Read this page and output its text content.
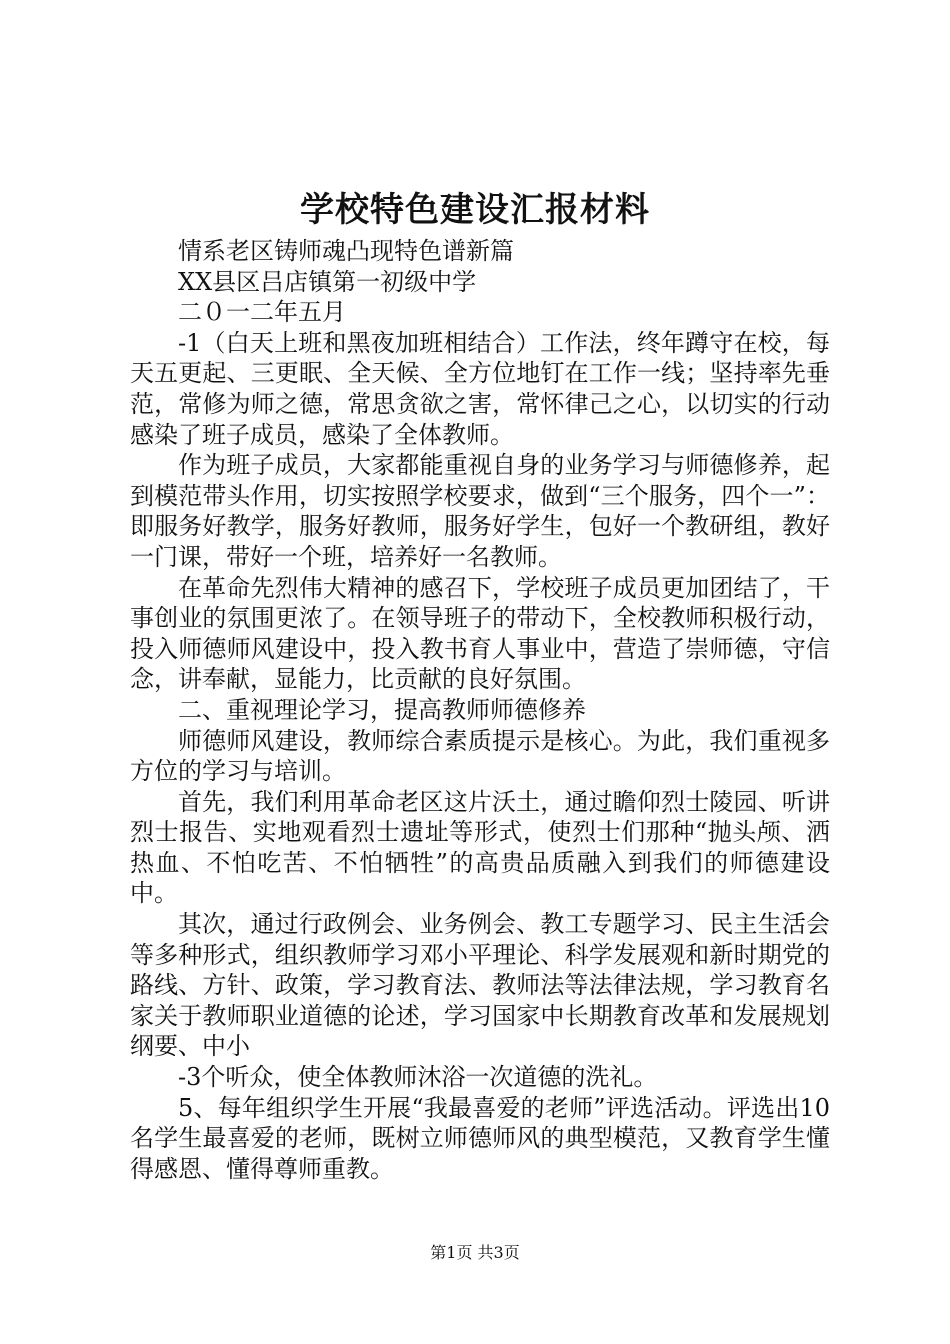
学校特色建设汇报材料

情系老区铸师魂凸现特色谱新篇

XX县区吕店镇第一初级中学

二０一二年五月

-1（白天上班和黑夜加班相结合）工作法，终年蹲守在校，每天五更起、三更眠、全天候、全方位地钉在工作一线；坚持率先垂范，常修为师之德，常思贪欲之害，常怀律己之心，以切实的行动感染了班子成员，感染了全体教师。

作为班子成员，大家都能重视自身的业务学习与师德修养，起到模范带头作用，切实按照学校要求，做到“三个服务，四个一”：即服务好教学，服务好教师，服务好学生，包好一个教研组，教好一门课，带好一个班，培养好一名教师。

在革命先烈伟大精神的感召下，学校班子成员更加团结了，干事创业的氛围更浓了。在领导班子的带动下，全校教师积极行动，投入师德师风建设中，投入教书育人事业中，营造了崇师德，守信念，讲奉献，显能力，比贡献的良好氛围。

二、重视理论学习，提高教师师德修养

师德师风建设，教师综合素质提示是核心。为此，我们重视多方位的学习与培训。

首先，我们利用革命老区这片沃土，通过瞻仰烈士陵园、听讲烈士报告、实地观看烈士遗址等形式，使烈士们那种“抛头颅、洒热血、不怕吃苦、不怕牺牲”的高贵品质融入到我们的师德建设中。

其次，通过行政例会、业务例会、教工专题学习、民主生活会等多种形式，组织教师学习邓小平理论、科学发展观和新时期党的路线、方针、政策，学习教育法、教师法等法律法规，学习教育名家关于教师职业道德的论述，学习国家中长期教育改革和发展规划纲要、中小

-3个听众，使全体教师沐浴一次道德的洗礼。

5、每年组织学生开展“我最喜爱的老师”评选活动。评选出10名学生最喜爱的老师，既树立师德师风的典型模范，又教育学生懂得感恩、懂得尊师重教。

第1页 共3页
